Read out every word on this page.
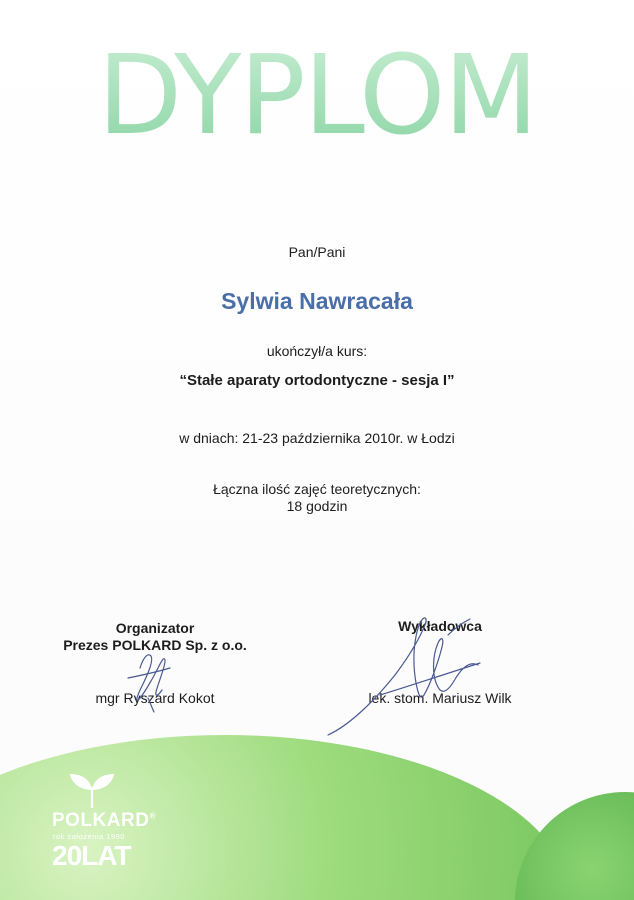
DYPLOM
Pan/Pani
Sylwia Nawracała
ukończył/a kurs:
“Stałe aparaty ortodontyczne - sesja I”
w dniach: 21-23 października 2010r. w Łodzi
Łączna ilość zajęć teoretycznych:
18 godzin
Organizator
Prezes POLKARD Sp. z o.o.
mgr Ryszard Kokot
Wykładowca
lek. stom. Mariusz Wilk
POLKARD®
rok założenia 1990
20LAT
